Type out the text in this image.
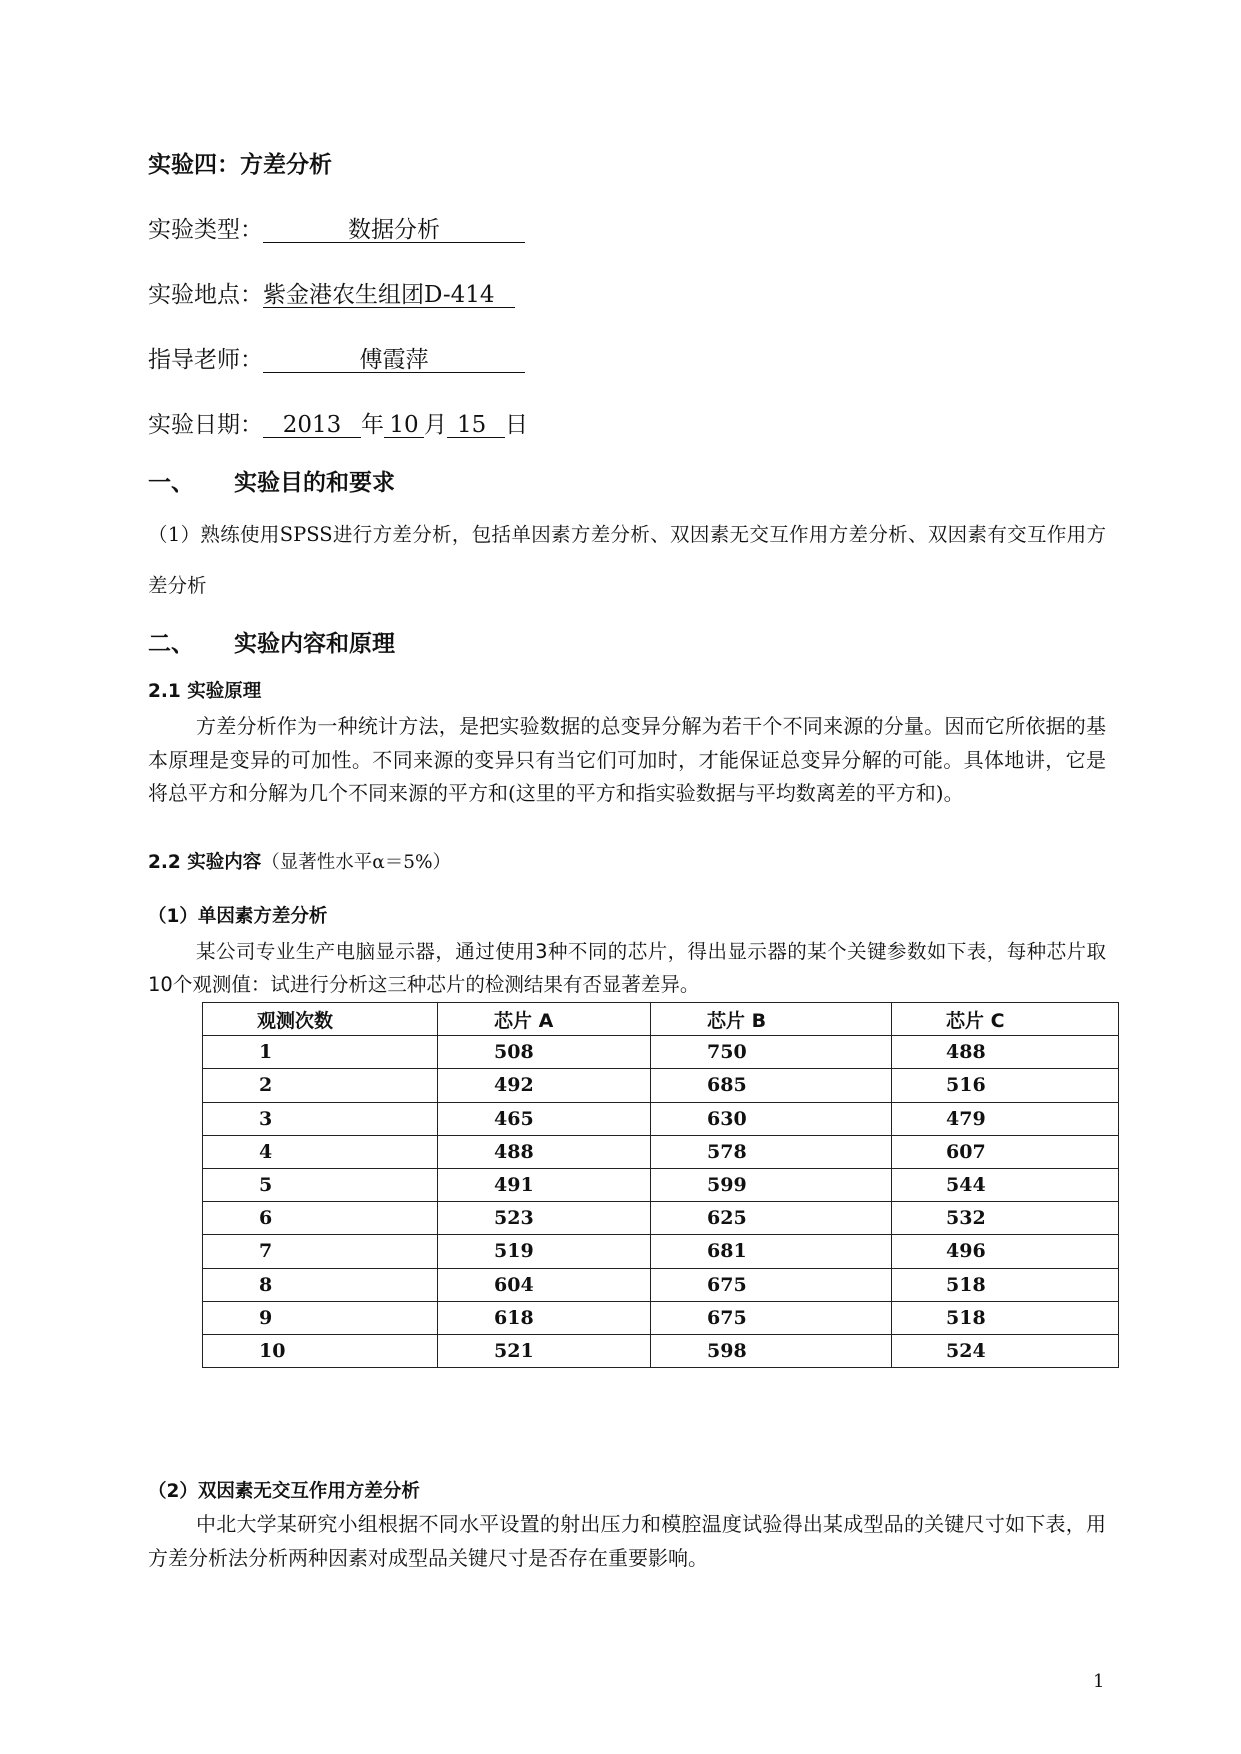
实验四：方差分析
实验类型：	数据分析
实验地点：紫金港农生组团D-414
指导老师：	傅霞萍
实验日期： 2013 年 10 月 15 日
一、 实验目的和要求

（1）熟练使用SPSS进行方差分析，包括单因素方差分析、双因素无交互作用方差分析、双因素有交互作用方差分析

二、 实验内容和原理
2.1 实验原理

方差分析作为一种统计方法，是把实验数据的总变异分解为若干个不同来源的分量。因而它所依据的基本原理是变异的可加性。不同来源的变异只有当它们可加时，才能保证总变异分解的可能。具体地讲，它是将总平方和分解为几个不同来源的平方和(这里的平方和指实验数据与平均数离差的平方和)。

2.2 实验内容（显著性水平α＝5%）
（1）单因素方差分析

某公司专业生产电脑显示器，通过使用3种不同的芯片，得出显示器的某个关键参数如下表，每种芯片取10个观测值：试进行分析这三种芯片的检测结果有否显著差异。

观测次数	芯片 A	芯片 B	芯片 C
1	508	750	488
2	492	685	516
3	465	630	479
4	488	578	607
5	491	599	544
6	523	625	532
7	519	681	496
8	604	675	518
9	618	675	518
10	521	598	524
（2）双因素无交互作用方差分析

中北大学某研究小组根据不同水平设置的射出压力和模腔温度试验得出某成型品的关键尺寸如下表，用方差分析法分析两种因素对成型品关键尺寸是否存在重要影响。

1
